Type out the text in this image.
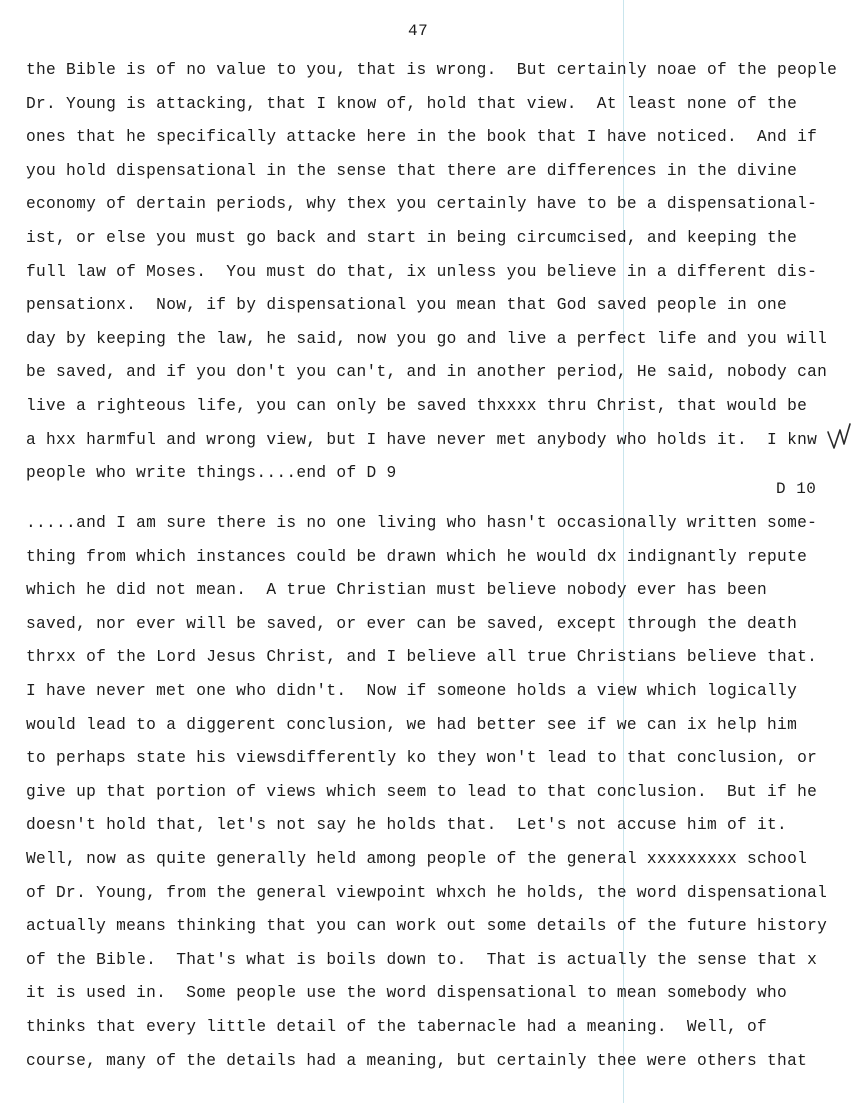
47
the Bible is of no value to you, that is wrong.  But certainly noae of the people
Dr. Young is attacking, that I know of, hold that view.  At least none of the
ones that he specifically attacke here in the book that I have noticed.  And if
you hold dispensational in the sense that there are differences in the divine
economy of dertain periods, why thex you certainly have to be a dispensational-
ist, or else you must go back and start in being circumcised, and keeping the
full law of Moses.  You must do that, ix unless you believe in a different dis-
pensationx.  Now, if by dispensational you mean that God saved people in one
day by keeping the law, he said, now you go and live a perfect life and you will
be saved, and if you don't you can't, and in another period, He said, nobody can
live a righteous life, you can only be saved thxxxx thru Christ, that would be
a hxx harmful and wrong view, but I have never met anybody who holds it.  I knw
people who write things....end of D 9
D 10
.....and I am sure there is no one living who hasn't occasionally written some-
thing from which instances could be drawn which he would dx indignantly repute
which he did not mean.  A true Christian must believe nobody ever has been
saved, nor ever will be saved, or ever can be saved, except through the death
thrxx of the Lord Jesus Christ, and I believe all true Christians believe that.
I have never met one who didn't.  Now if someone holds a view which logically
would lead to a diggerent conclusion, we had better see if we can ix help him
to perhaps state his viewsdifferently ko they won't lead to that conclusion, or
give up that portion of views which seem to lead to that conclusion.  But if he
doesn't hold that, let's not say he holds that.  Let's not accuse him of it.
Well, now as quite generally held among people of the general xxxxxxxxx school
of Dr. Young, from the general viewpoint whxch he holds, the word dispensational
actually means thinking that you can work out some details of the future history
of the Bible.  That's what is boils down to.  That is actually the sense that x
it is used in.  Some people use the word dispensational to mean somebody who
thinks that every little detail of the tabernacle had a meaning.  Well, of
course, many of the details had a meaning, but certainly thee were others that
